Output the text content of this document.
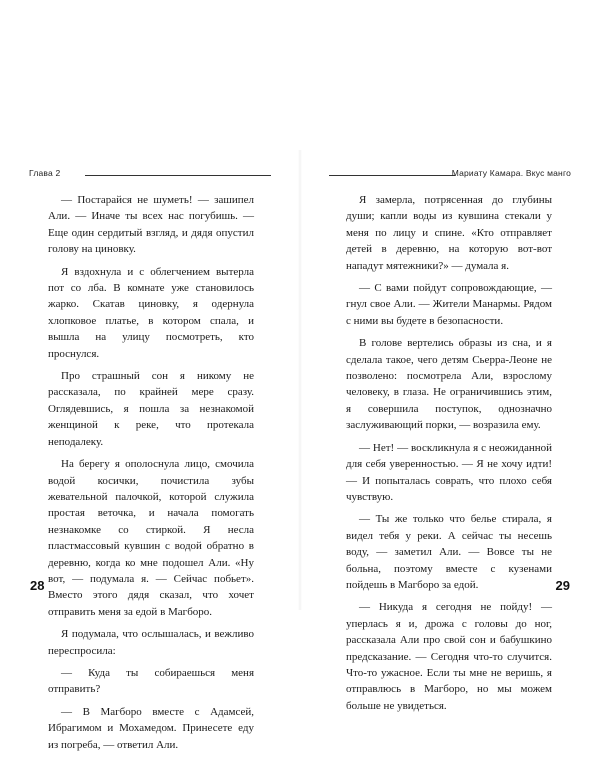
Глава 2

— Постарайся не шуметь! — зашипел Али. — Иначе ты всех нас погубишь. — Еще один сердитый взгляд, и дядя опустил голову на циновку.

Я вздохнула и с облегчением вытерла пот со лба. В комнате уже становилось жарко. Скатав циновку, я одернула хлопковое платье, в котором спала, и вышла на улицу посмотреть, кто проснулся.

Про страшный сон я никому не рассказала, по крайней мере сразу. Оглядевшись, я пошла за незнакомой женщиной к реке, что протекала неподалеку.

На берегу я ополоснула лицо, смочила водой косички, почистила зубы жевательной палочкой, которой служила простая веточка, и начала помогать незнакомке со стиркой. Я несла пластмассовый кувшин с водой обратно в деревню, когда ко мне подошел Али. «Ну вот, — подумала я. — Сейчас побьет». Вместо этого дядя сказал, что хочет отправить меня за едой в Магборо.

Я подумала, что ослышалась, и вежливо переспросила:

— Куда ты собираешься меня отправить?

— В Магборо вместе с Адамсей, Ибрагимом и Мохамедом. Принесете еду из погреба, — ответил Али.

28
Мариату Камара. Вкус манго

Я замерла, потрясенная до глубины души; капли воды из кувшина стекали у меня по лицу и спине. «Кто отправляет детей в деревню, на которую вот-вот нападут мятежники?» — думала я.

— С вами пойдут сопровождающие, — гнул свое Али. — Жители Манармы. Рядом с ними вы будете в безопасности.

В голове вертелись образы из сна, и я сделала такое, чего детям Сьерра-Леоне не позволено: посмотрела Али, взрослому человеку, в глаза. Не ограничившись этим, я совершила поступок, однозначно заслуживающий порки, — возразила ему.

— Нет! — воскликнула я с неожиданной для себя уверенностью. — Я не хочу идти! — И попыталась соврать, что плохо себя чувствую.

— Ты же только что белье стирала, я видел тебя у реки. А сейчас ты несешь воду, — заметил Али. — Вовсе ты не больна, поэтому вместе с кузенами пойдешь в Магборо за едой.

— Никуда я сегодня не пойду! — уперлась я и, дрожа с головы до ног, рассказала Али про свой сон и бабушкино предсказание. — Сегодня что-то случится. Что-то ужасное. Если ты мне не веришь, я отправлюсь в Магборо, но мы можем больше не увидеться.

29
